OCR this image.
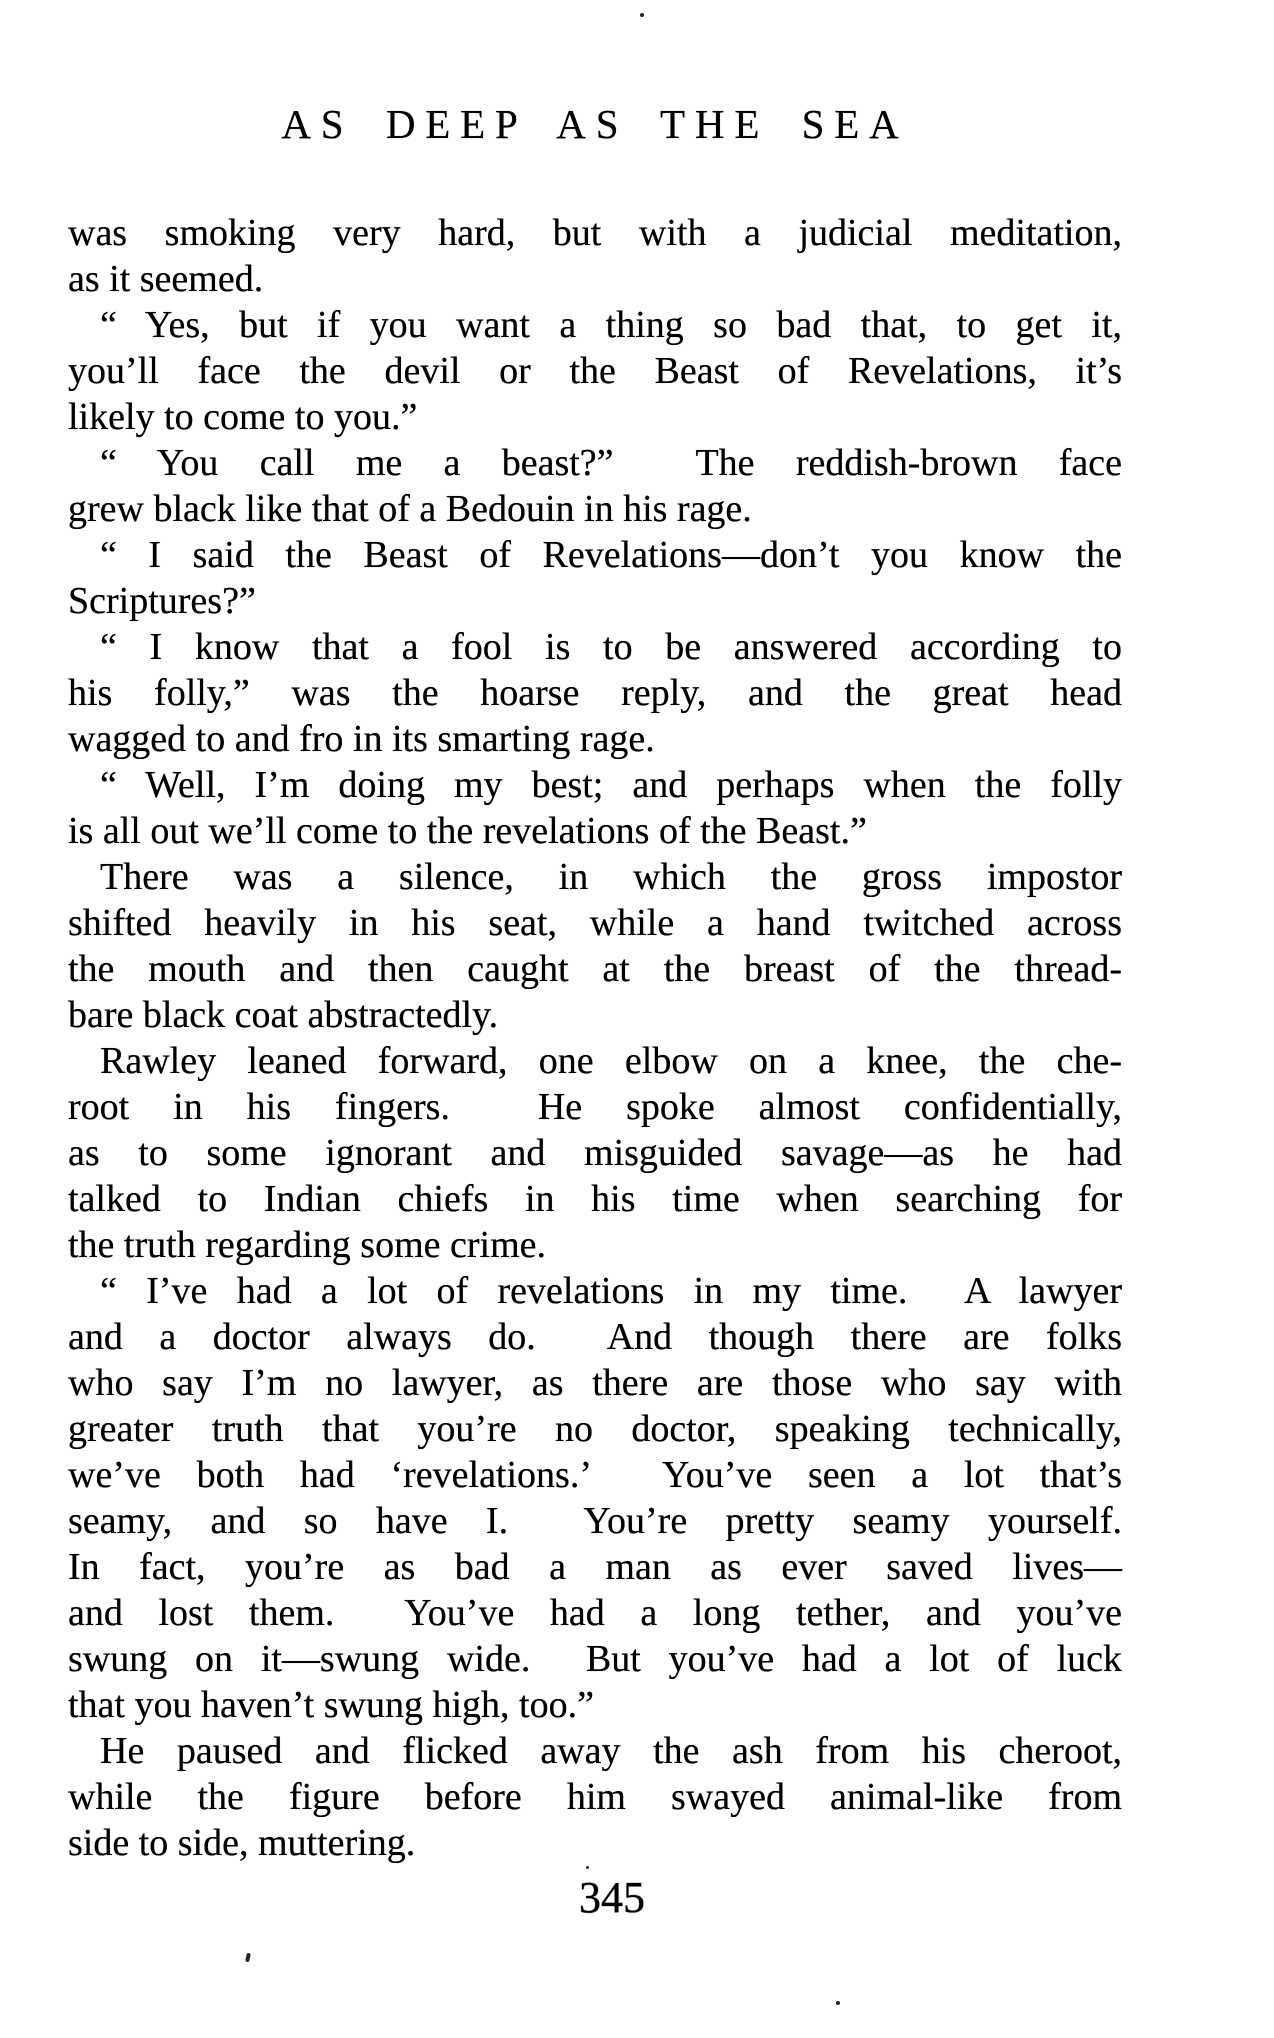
AS DEEP AS THE SEA
was smoking very hard, but with a judicial meditation,
as it seemed.
“ Yes, but if you want a thing so bad that, to get it,
you’ll face the devil or the Beast of Revelations, it’s
likely to come to you.”
“ You call me a beast?”  The reddish-brown face
grew black like that of a Bedouin in his rage.
“ I said the Beast of Revelations—don’t you know the
Scriptures?”
“ I know that a fool is to be answered according to
his folly,” was the hoarse reply, and the great head
wagged to and fro in its smarting rage.
“ Well, I’m doing my best; and perhaps when the folly
is all out we’ll come to the revelations of the Beast.”
There was a silence, in which the gross impostor
shifted heavily in his seat, while a hand twitched across
the mouth and then caught at the breast of the thread-
bare black coat abstractedly.
Rawley leaned forward, one elbow on a knee, the che-
root in his fingers.  He spoke almost confidentially,
as to some ignorant and misguided savage—as he had
talked to Indian chiefs in his time when searching for
the truth regarding some crime.
“ I’ve had a lot of revelations in my time.  A lawyer
and a doctor always do.  And though there are folks
who say I’m no lawyer, as there are those who say with
greater truth that you’re no doctor, speaking technically,
we’ve both had ‘revelations.’  You’ve seen a lot that’s
seamy, and so have I.  You’re pretty seamy yourself.
In fact, you’re as bad a man as ever saved lives—
and lost them.  You’ve had a long tether, and you’ve
swung on it—swung wide.  But you’ve had a lot of luck
that you haven’t swung high, too.”
He paused and flicked away the ash from his cheroot,
while the figure before him swayed animal-like from
side to side, muttering.
345
